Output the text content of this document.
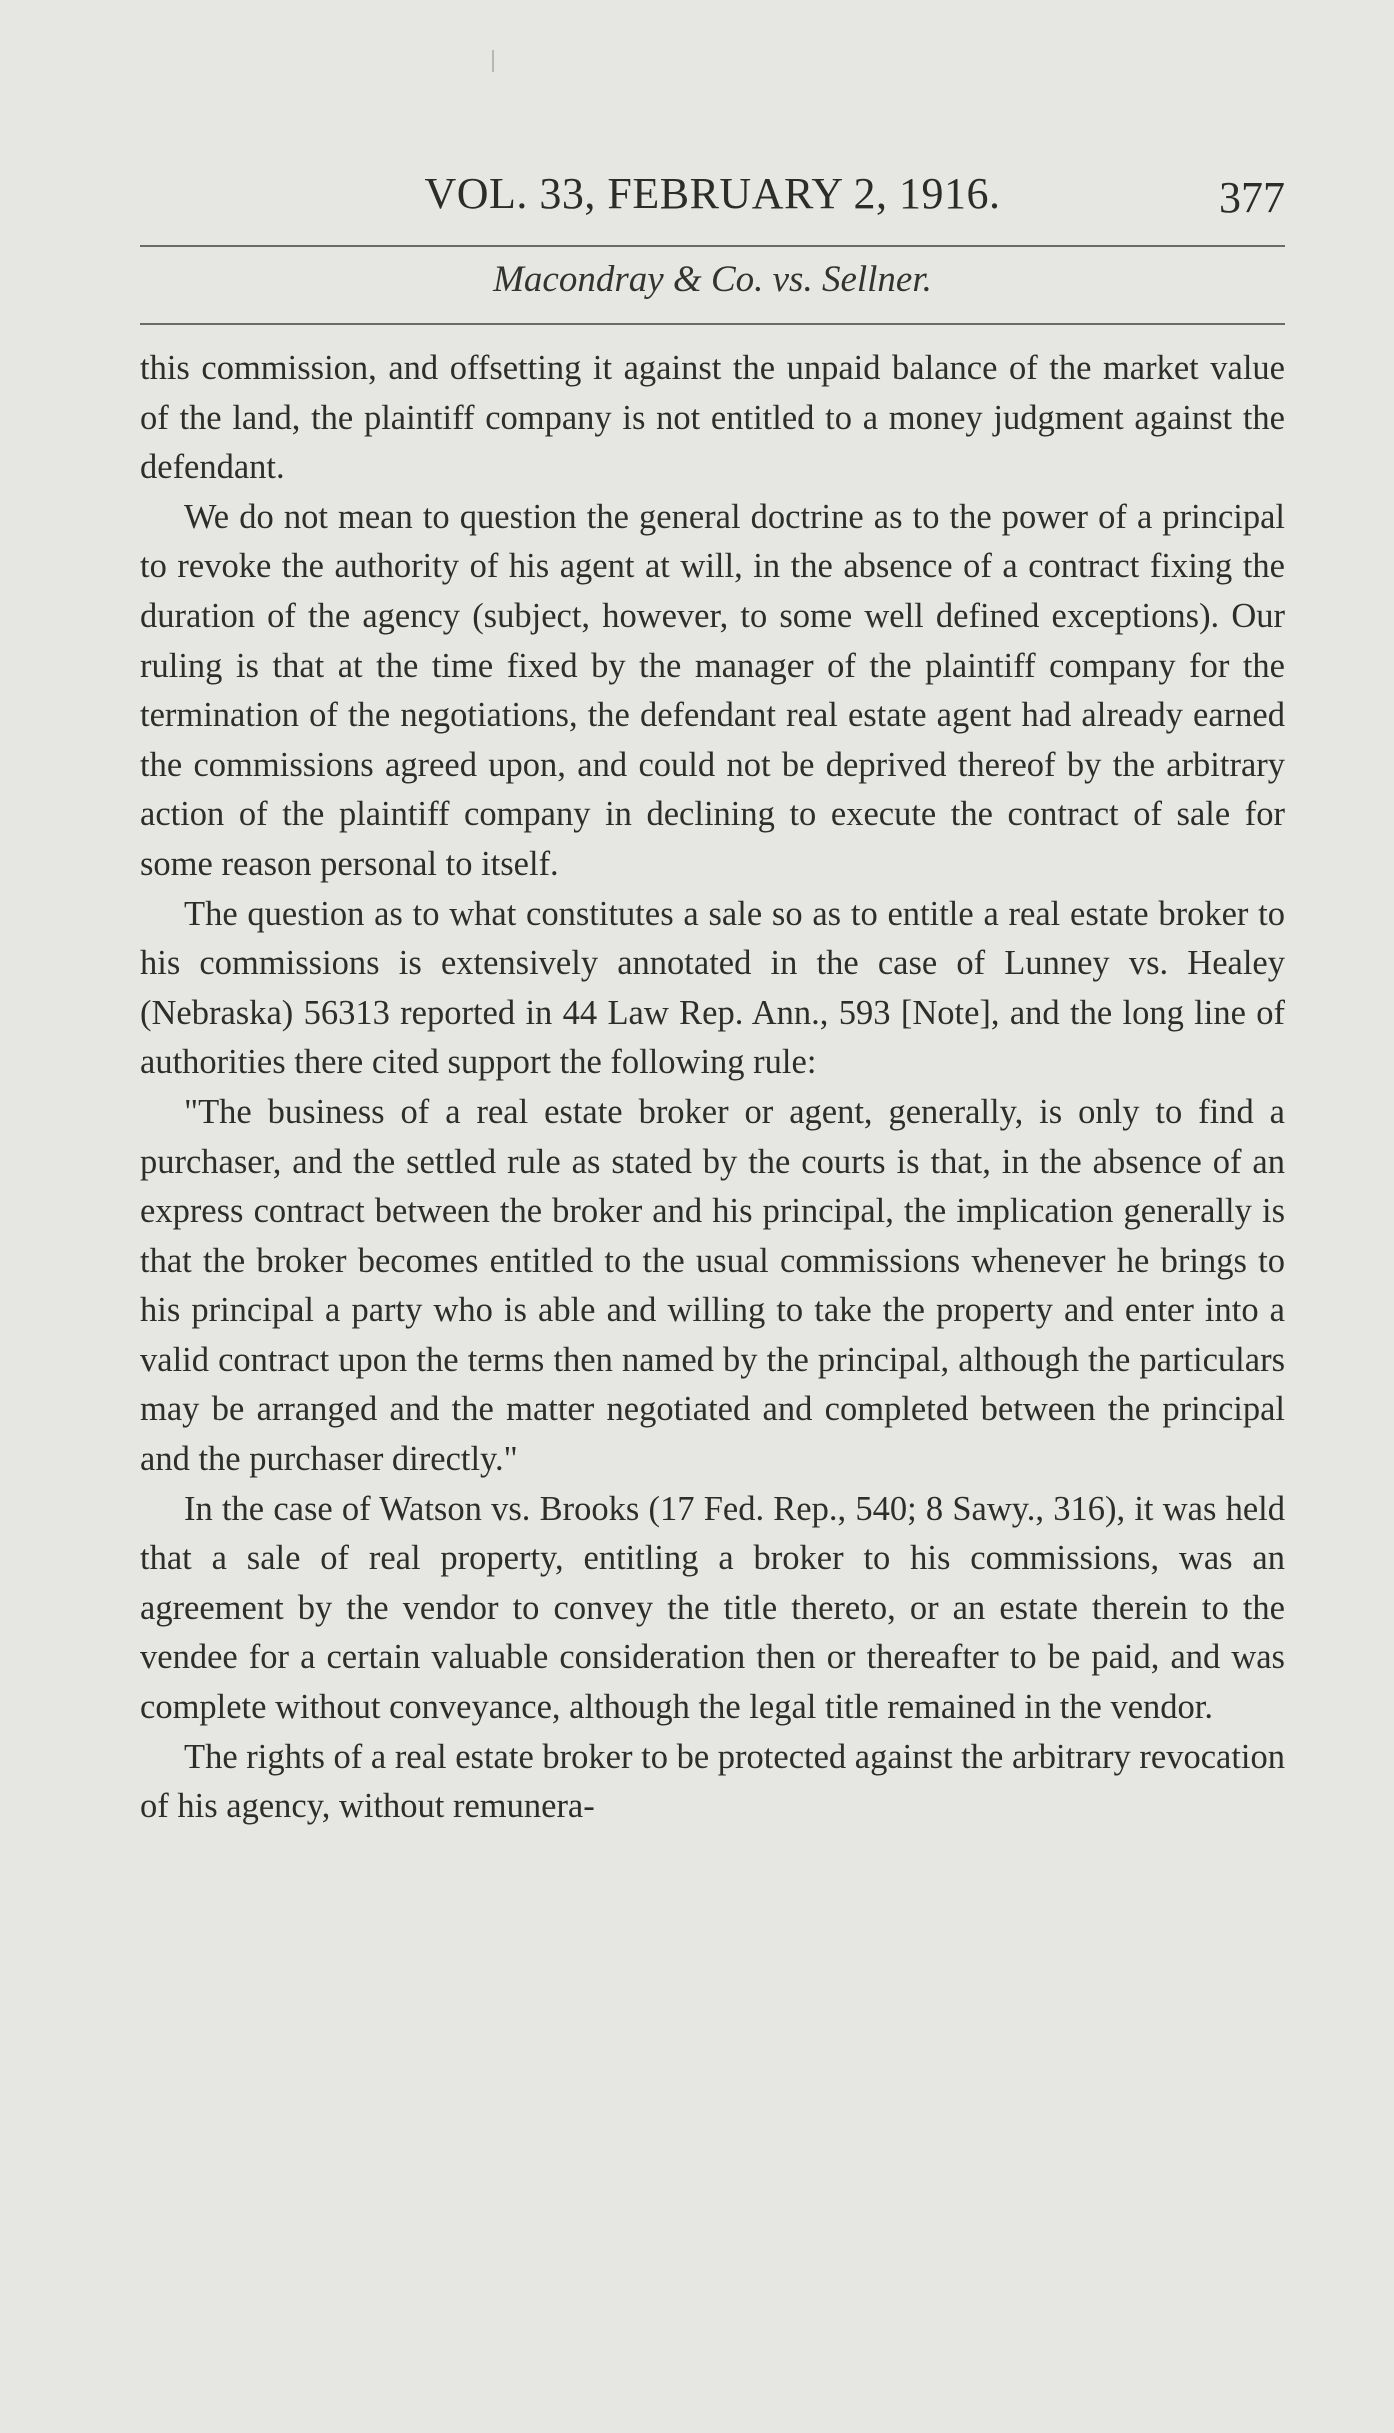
VOL. 33, FEBRUARY 2, 1916.	377
Macondray & Co. vs. Sellner.

this commission, and offsetting it against the unpaid balance of the market value of the land, the plaintiff company is not entitled to a money judgment against the defendant.

We do not mean to question the general doctrine as to the power of a principal to revoke the authority of his agent at will, in the absence of a contract fixing the duration of the agency (subject, however, to some well defined exceptions). Our ruling is that at the time fixed by the manager of the plaintiff company for the termination of the negotiations, the defendant real estate agent had already earned the commissions agreed upon, and could not be deprived thereof by the arbitrary action of the plaintiff company in declining to execute the contract of sale for some reason personal to itself.

The question as to what constitutes a sale so as to entitle a real estate broker to his commissions is extensively annotated in the case of Lunney vs. Healey (Nebraska) 56313 reported in 44 Law Rep. Ann., 593 [Note], and the long line of authorities there cited support the following rule:

"The business of a real estate broker or agent, generally, is only to find a purchaser, and the settled rule as stated by the courts is that, in the absence of an express contract between the broker and his principal, the implication generally is that the broker becomes entitled to the usual commissions whenever he brings to his principal a party who is able and willing to take the property and enter into a valid contract upon the terms then named by the principal, although the particulars may be arranged and the matter negotiated and completed between the principal and the purchaser directly."

In the case of Watson vs. Brooks (17 Fed. Rep., 540; 8 Sawy., 316), it was held that a sale of real property, entitling a broker to his commissions, was an agreement by the vendor to convey the title thereto, or an estate therein to the vendee for a certain valuable consideration then or thereafter to be paid, and was complete without conveyance, although the legal title remained in the vendor.

The rights of a real estate broker to be protected against the arbitrary revocation of his agency, without remunera-
